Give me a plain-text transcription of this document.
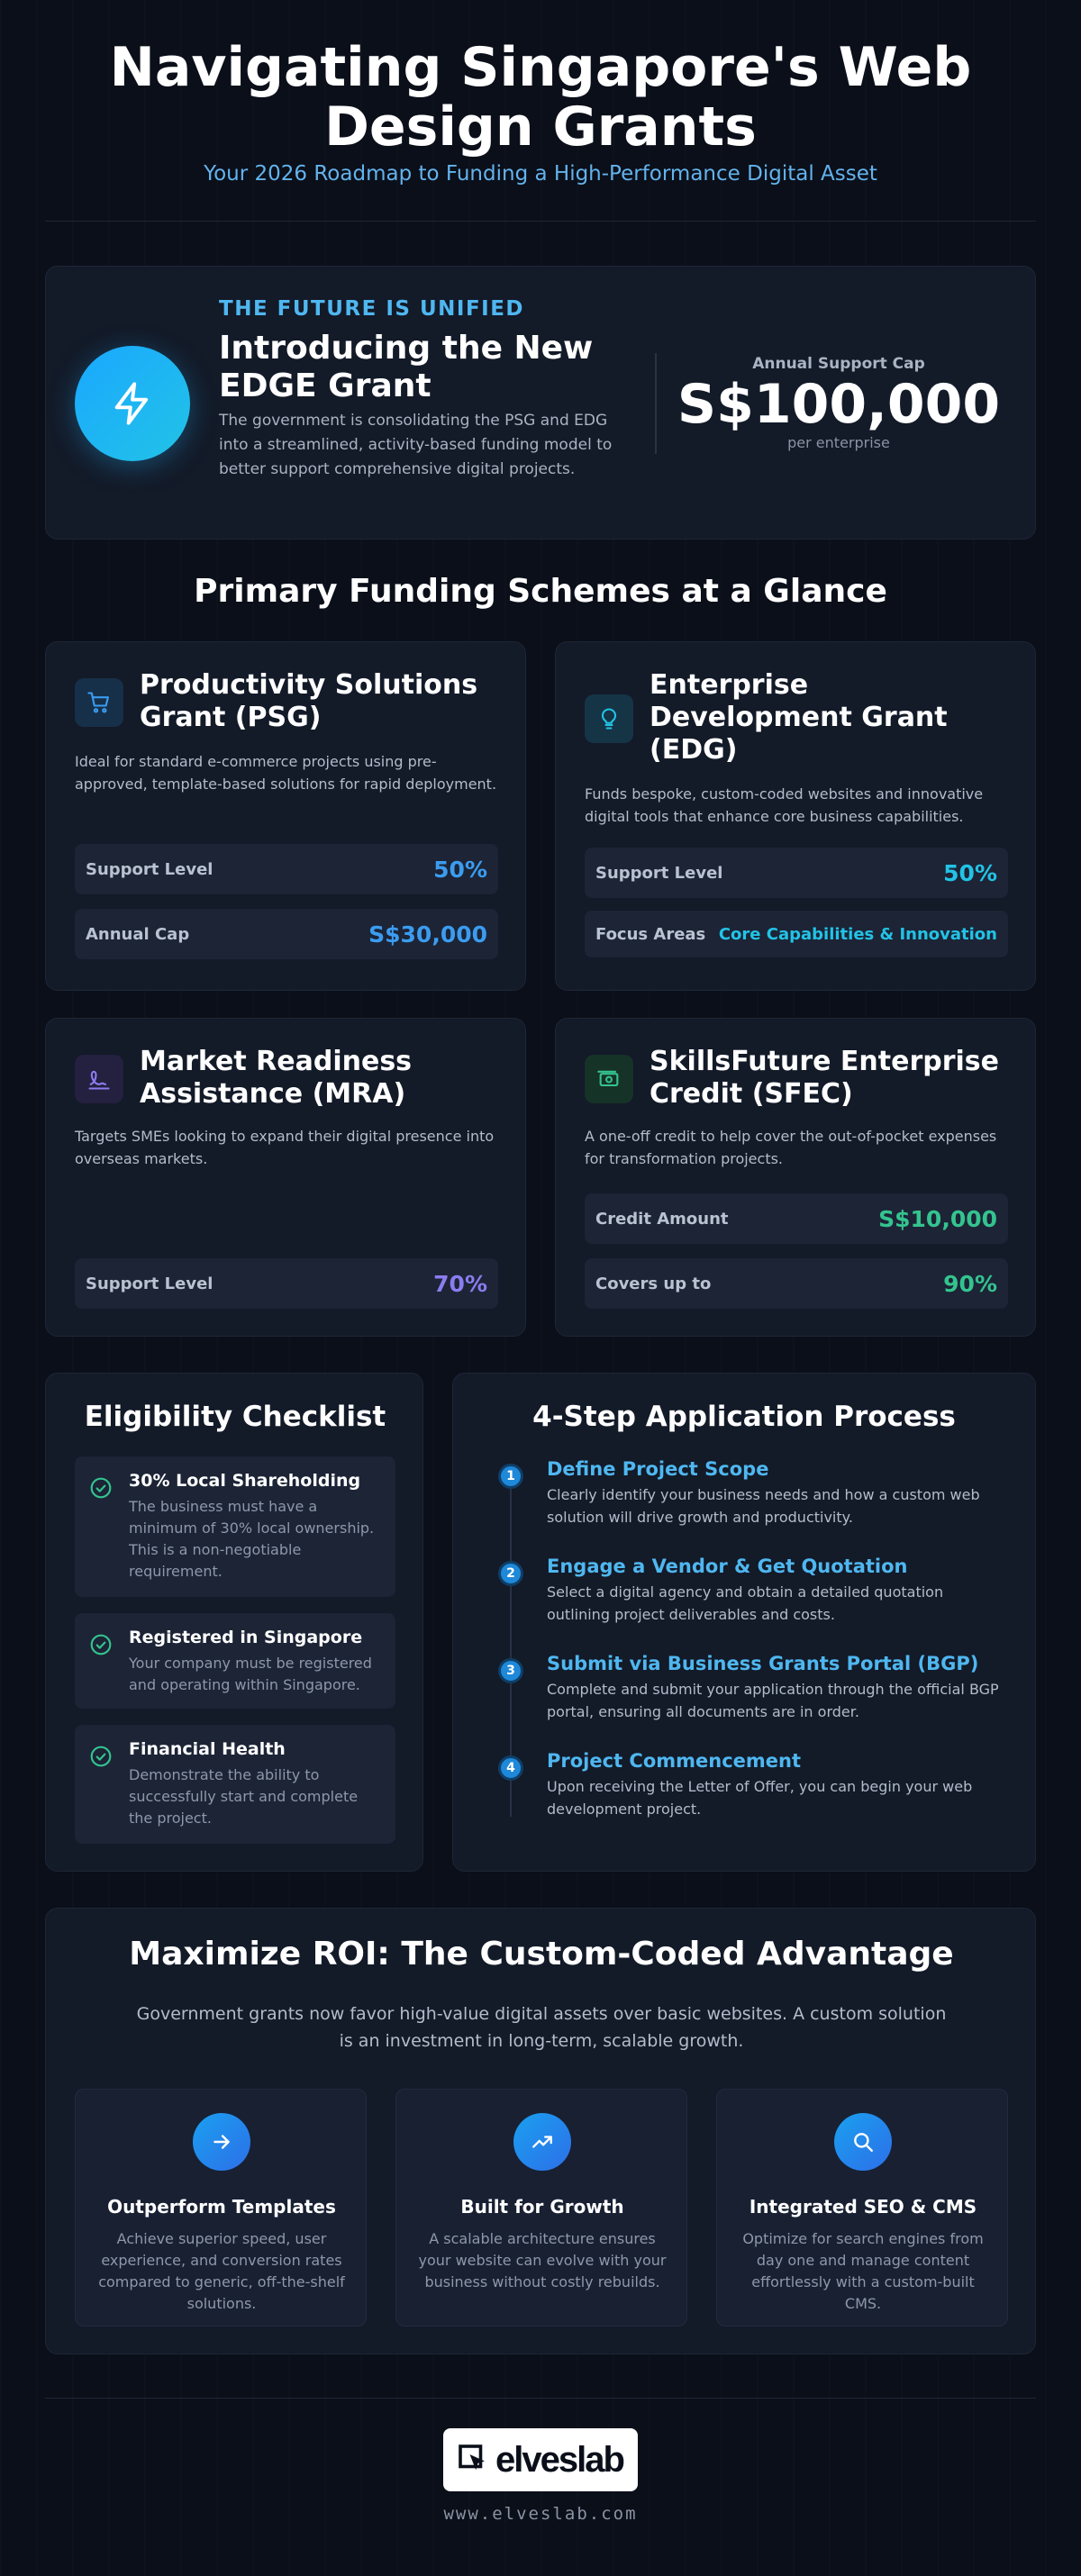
Navigating Singapore's Web Design Grants
Your 2026 Roadmap to Funding a High-Performance Digital Asset
THE FUTURE IS UNIFIED
Introducing the New EDGE Grant
The government is consolidating the PSG and EDG into a streamlined, activity-based funding model to better support comprehensive digital projects.
Annual Support Cap
S$100,000
per enterprise
Primary Funding Schemes at a Glance
Productivity Solutions Grant (PSG)
Ideal for standard e-commerce projects using pre-approved, template-based solutions for rapid deployment.
Support Level	50%
Annual Cap	S$30,000
Enterprise Development Grant (EDG)
Funds bespoke, custom-coded websites and innovative digital tools that enhance core business capabilities.
Support Level	50%
Focus Areas Core Capabilities & Innovation
Market Readiness Assistance (MRA)
Targets SMEs looking to expand their digital presence into overseas markets.
Support Level	70%
SkillsFuture Enterprise Credit (SFEC)
A one-off credit to help cover the out-of-pocket expenses for transformation projects.
Credit Amount	S$10,000
Covers up to	90%
Eligibility Checklist
30% Local Shareholding
The business must have a minimum of 30% local ownership. This is a non-negotiable requirement.
Registered in Singapore
Your company must be registered and operating within Singapore.
Financial Health
Demonstrate the ability to successfully start and complete the project.
4-Step Application Process
1	Define Project Scope
Clearly identify your business needs and how a custom web solution will drive growth and productivity.
2	Engage a Vendor & Get Quotation
Select a digital agency and obtain a detailed quotation outlining project deliverables and costs.
3	Submit via Business Grants Portal (BGP)
Complete and submit your application through the official BGP portal, ensuring all documents are in order.
4	Project Commencement
Upon receiving the Letter of Offer, you can begin your web development project.
Maximize ROI: The Custom-Coded Advantage
Government grants now favor high-value digital assets over basic websites. A custom solution is an investment in long-term, scalable growth.
Outperform Templates
Achieve superior speed, user experience, and conversion rates compared to generic, off-the-shelf solutions.
Built for Growth
A scalable architecture ensures your website can evolve with your business without costly rebuilds.
Integrated SEO & CMS
Optimize for search engines from day one and manage content effortlessly with a custom-built CMS.
elveslab
www.elveslab.com
